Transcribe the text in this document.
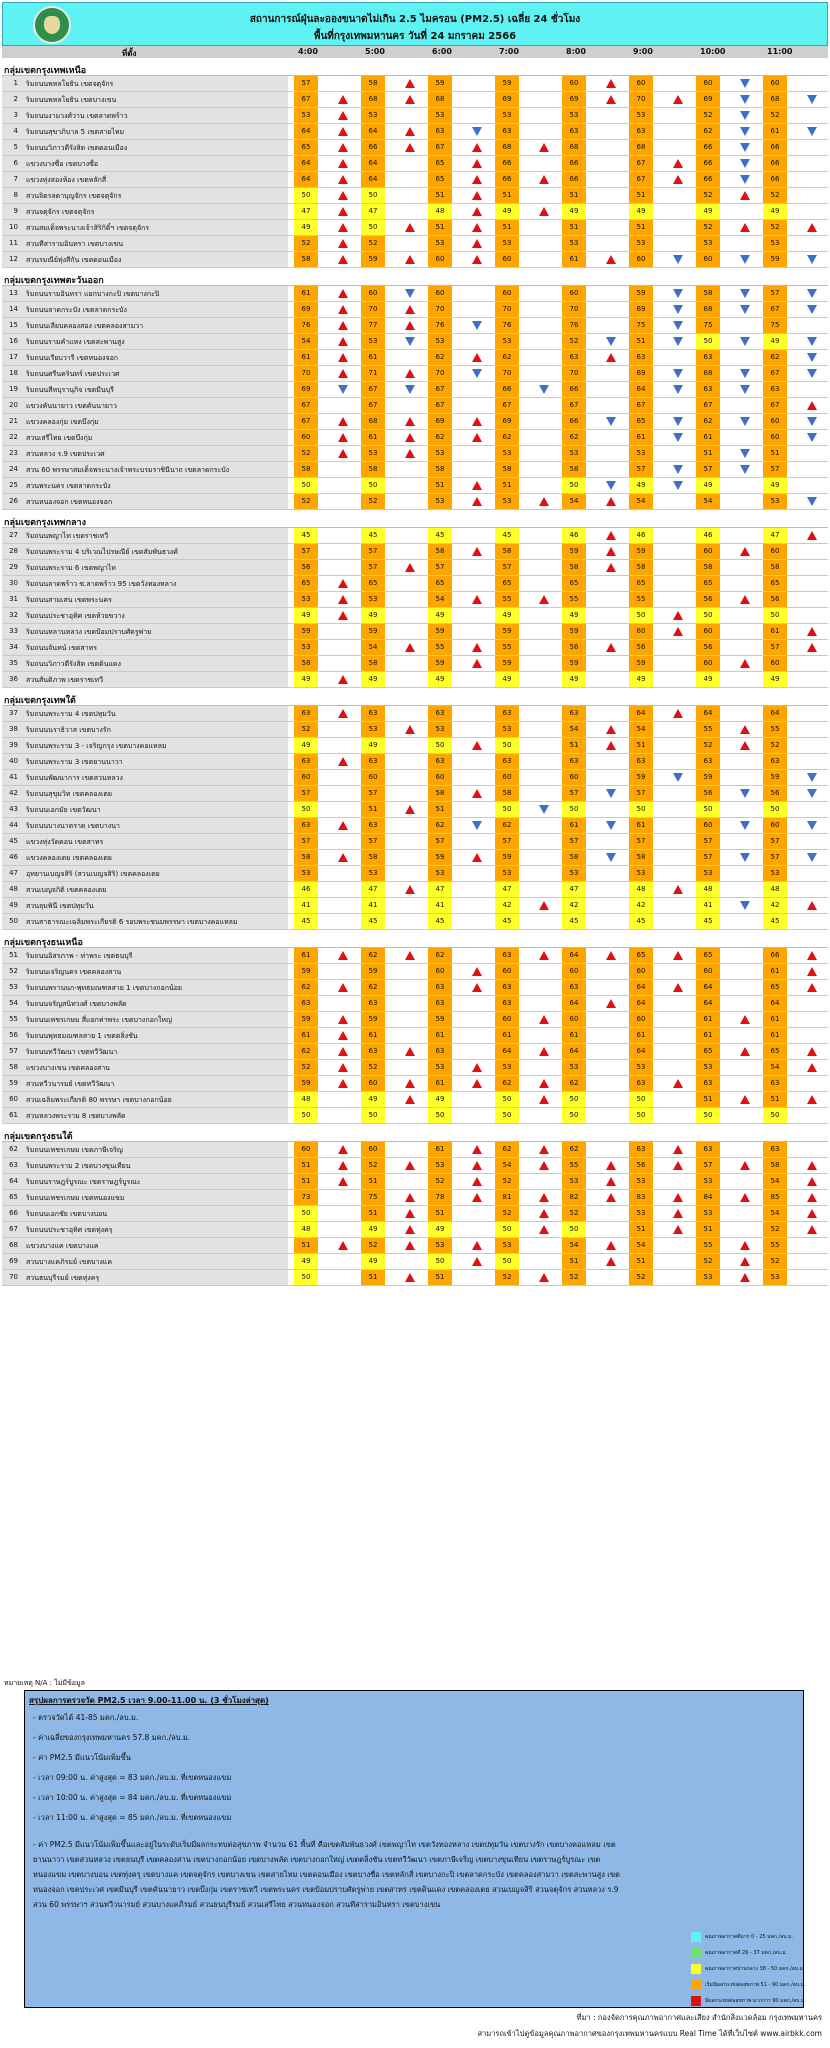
สถานการณ์ฝุ่นละอองขนาดไม่เกิน 2.5 ไมครอน (PM2.5) เฉลี่ย 24 ชั่วโมง
พื้นที่กรุงเทพมหานคร วันที่ 24 มกราคม 2566
ที่ตั้ง	4:00	5:00	6:00	7:00	8:00	9:00	10:00	11:00
กลุ่มเขตกรุงเทพเหนือ
1 ริมถนนพหลโยธิน เขตจตุจักร	57	58	59	59	60	60	60	60
2 ริมถนนพหลโยธิน เขตบางเขน	67	68	68	69	69	70	69	68
3 ริมถนนงามวงศ์วาน เขตลาดพร้าว	53	53	53	53	53	53	52	52
4 ริมถนนสุขาภิบาล 5 เขตสายไหม	64	64	63	63	63	63	62	61
5 ริมถนนวิภาวดีรังสิต เขตดอนเมือง	65	66	67	68	68	68	66	66
6 แขวงบางซื่อ เขตบางซื่อ	64	64	65	66	66	67	66	66
7 แขวงทุ่งสองห้อง เขตหลักสี่	64	64	65	66	66	67	66	66
8 สวนจิตรลดาบุญจักร เขตจตุจักร	50	50	51	51	51	51	52	52
9 สวนจตุจักร เขตจตุจักร	47	47	48	49	49	49	49	49
10 สวนสมเด็จพระนางเจ้าสิริกิติ์ฯ เขตจตุจักร	49	50	51	51	51	51	52	52
11 สวนทีสารามอินทรา เขตบางเขน	52	52	53	53	53	53	53	53
12 สวนรมณีย์ทุ่งสีกัน เขตดอนเมือง	58	59	60	60	61	60	60	59
กลุ่มเขตกรุงเทพตะวันออก
13 ริมถนนรามอินทรา แยกบางกะปิ เขตบางกะปิ	61	60	60	60	60	59	58	57
14 ริมถนนลาดกระบัง เขตลาดกระบัง	69	70	70	70	70	69	68	67
15 ริมถนนเลียบคลองสอง เขตคลองสามวา	76	77	76	76	76	75	75	75
16 ริมถนนรามคำแหง เขตสะพานสูง	54	53	53	53	52	51	50	49
17 ริมถนนเรียบวารี เขตหนองจอก	61	61	62	62	63	63	63	62
18 ริมถนนศรีนครินทร์ เขตประเวศ	70	71	70	70	70	69	68	67
19 ริมถนนสีหบุรานุกิจ เขตมีนบุรี	69	67	67	66	66	64	63	63
20 แขวงคันนายาว เขตคันนายาว	67	67	67	67	67	67	67	67
21 แขวงคลองกุ่ม เขตบึงกุ่ม	67	68	69	69	66	65	62	60
22 สวนเสรีไทย เขตบึงกุ่ม	60	61	62	62	62	61	61	60
23 สวนหลวง ร.9 เขตประเวศ	52	53	53	53	53	53	51	51
24 สวน 60 พรรษาสมเด็จพระนางเจ้าพระบรมราชินีนาถ เขตลาดกระบัง	58	58	58	58	58	57	57	57
25 สวนพระนคร เขตลาดกระบัง	50	50	51	51	50	49	49	49
26 สวนหนองจอก เขตหนองจอก	52	52	53	53	54	54	54	53
กลุ่มเขตกรุงเทพกลาง
27 ริมถนนพญาไท เขตราชเทวี	45	45	45	45	46	46	46	47
28 ริมถนนพระราม 4 บริเวณไปรษณีย์ เขตสัมพันธวงศ์	57	57	58	58	59	59	60	60
29 ริมถนนพระราม 6 เขตพญาไท	56	57	57	57	58	58	58	58
30 ริมถนนลาดพร้าว ซ.ลาดพร้าว 95 เขตวังทองหลาง	65	65	65	65	65	65	65	65
31 ริมถนนสามเสน เขตพระนคร	53	53	54	55	55	55	56	56
32 ริมถนนประชาอุทิศ เขตห้วยขวาง	49	49	49	49	49	50	50	50
33 ริมถนนหลานหลวง เขตป้อมปราบศัตรูพ่าย	59	59	59	59	59	60	60	61
34 ริมถนนจันทน์ เขตสาทร	53	54	55	55	56	56	56	57
35 ริมถนนวิภาวดีรังสิต เขตดินแดง	58	58	59	59	59	59	60	60
36 สวนสันติภาพ เขตราชเทวี	49	49	49	49	49	49	49	49
กลุ่มเขตกรุงเทพใต้
37 ริมถนนพระราม 4 เขตปทุมวัน	63	63	63	63	63	64	64	64
38 ริมถนนนราธิวาส เขตบางรัก	52	53	53	53	54	54	55	55
39 ริมถนนพระราม 3 - เจริญกรุง เขตบางคอแหลม	49	49	50	50	51	51	52	52
40 ริมถนนพระราม 3 เขตยานนาวา	63	63	63	63	63	63	63	63
41 ริมถนนพัฒนาการ เขตสวนหลวง	60	60	60	60	60	59	59	59
42 ริมถนนสุขุมวิท เขตคลองเตย	57	57	58	58	57	57	56	56
43 ริมถนนเอกมัย เขตวัฒนา	50	51	51	50	50	50	50	50
44 ริมถนนบางนาตราด เขตบางนา	63	63	62	62	61	61	60	60
45 แขวงทุ่งวัดดอน เขตสาทร	57	57	57	57	57	57	57	57
46 แขวงคลองเตย เขตคลองเตย	58	58	59	59	58	58	57	57
47 อุทยานเบญจสิริ (สวนเบญจสิริ) เขตคลองเตย	53	53	53	53	53	53	53	53
48 สวนเบญจกิติ เขตคลองเตย	46	47	47	47	47	48	48	48
49 สวนลุมพินี เขตปทุมวัน	41	41	41	42	42	42	41	42
50 สวนสาธารณะเฉลิมพระเกียรติ 6 รอบพระชนมพรรษา เขตบางคอแหลม	45	45	45	45	45	45	45	45
กลุ่มเขตกรุงธนเหนือ
51 ริมถนนอิสรภาพ - ท่าพระ เขตธนบุรี	61	62	62	63	64	65	65	66
52 ริมถนนเจริญนคร เขตคลองสาน	59	59	60	60	60	60	60	61
53 ริมถนนพรานนก-พุทธมณฑลสาย 1 เขตบางกอกน้อย	62	62	63	63	63	64	64	65
54 ริมถนนจรัญสนิทวงศ์ เขตบางพลัด	63	63	63	63	64	64	64	64
55 ริมถนนเพชรเกษม สี่แยกท่าพระ เขตบางกอกใหญ่	59	59	59	60	60	60	61	61
56 ริมถนนพุทธมณฑลสาย 1 เขตตลิ่งชัน	61	61	61	61	61	61	61	61
57 ริมถนนทวีวัฒนา เขตทวีวัฒนา	62	63	63	64	64	64	65	65
58 แขวงบางเขน เขตคลองสาน	52	52	53	53	53	53	53	54
59 สวนทวีวนารมย์ เขตทวีวัฒนา	59	60	61	62	62	63	63	63
60 สวนเฉลิมพระเกียรติ 80 พรรษา เขตบางกอกน้อย	48	49	49	50	50	50	51	51
61 สวนหลวงพระราม 8 เขตบางพลัด	50	50	50	50	50	50	50	50
กลุ่มเขตกรุงธนใต้
62 ริมถนนเพชรเกษม เขตภาษีเจริญ	60	60	61	62	62	63	63	63
63 ริมถนนพระราม 2 เขตบางขุนเทียน	51	52	53	54	55	56	57	58
64 ริมถนนราษฎร์บูรณะ เขตราษฎร์บูรณะ	51	51	52	52	53	53	53	54
65 ริมถนนเพชรเกษม เขตหนองแขม	73	75	78	81	82	83	84	85
66 ริมถนนเอกชัย เขตบางบอน	50	51	51	52	52	53	53	54
67 ริมถนนประชาอุทิศ เขตทุ่งครุ	48	49	49	50	50	51	51	52
68 แขวงบางแค เขตบางแค	51	52	53	53	54	54	55	55
69 สวนบางแคภิรมย์ เขตบางแค	49	49	50	50	51	51	52	52
70 สวนธนบุรีรมย์ เขตทุ่งครุ	50	51	51	52	52	52	53	53
หมายเหตุ N/A : ไม่มีข้อมูล
สรุปผลการตรวจวัด PM2.5 เวลา 9.00-11.00 น. (3 ชั่วโมงล่าสุด)
- ตรวจวัดได้ 41-85 มคก./ลบ.ม.
- ค่าเฉลี่ยของกรุงเทพมหานคร 57.8 มคก./ลบ.ม.
- ค่า PM2.5 มีแนวโน้มเพิ่มขึ้น
- เวลา 09:00 น. ค่าสูงสุด = 83 มคก./ลบ.ม. ที่เขตหนองแขม
- เวลา 10:00 น. ค่าสูงสุด = 84 มคก./ลบ.ม. ที่เขตหนองแขม
- เวลา 11:00 น. ค่าสูงสุด = 85 มคก./ลบ.ม. ที่เขตหนองแขม
- ค่า PM2.5 มีแนวโน้มเพิ่มขึ้นและอยู่ในระดับเริ่มมีผลกระทบต่อสุขภาพ จำนวน 61 พื้นที่ คือเขตสัมพันธวงศ์ เขตพญาไท เขตวังทองหลาง เขตปทุมวัน เขตบางรัก เขตบางคอแหลม เขตยานนาวา เขตสวนหลวง เขตธนบุรี เขตคลองสาน เขตบางกอกน้อย เขตบางพลัด เขตบางกอกใหญ่ เขตตลิ่งชัน เขตทวีวัฒนา เขตภาษีเจริญ เขตบางขุนเทียน เขตราษฎร์บูรณะ เขตหนองแขม เขตบางบอน เขตทุ่งครุ เขตบางแค เขตจตุจักร เขตบางเขน เขตสายไหม เขตดอนเมือง เขตบางซื่อ เขตหลักสี่ เขตบางกะปิ เขตลาดกระบัง เขตคลองสามวา เขตสะพานสูง เขตหนองจอก เขตประเวศ เขตมีนบุรี เขตคันนายาว เขตบึงกุ่ม เขตราชเทวี เขตพระนคร เขตป้อมปราบศัตรูพ่าย เขตสาทร เขตดินแดง เขตคลองเตย สวนเบญจสิริ สวนจตุจักร สวนหลวง ร.9 สวน 60 พรรษาฯ สวนทวีวนารมย์ สวนบางแคภิรมย์ สวนธนบุรีรมย์ สวนเสรีไทย สวนหนองจอก สวนทีสารามอินทรา เขตบางเขน
คุณภาพอากาศดีมาก 0 - 25 มคก./ลบ.ม.
คุณภาพอากาศดี 26 - 37 มคก./ลบ.ม.
คุณภาพอากาศปานกลาง 38 - 50 มคก./ลบ.ม.
เริ่มมีผลกระทบต่อสุขภาพ 51 - 90 มคก./ลบ.ม.
มีผลกระทบต่อสุขภาพ มากกว่า 90 มคก./ลบ.ม.
ที่มา : กองจัดการคุณภาพอากาศและเสียง สำนักสิ่งแวดล้อม กรุงเทพมหานคร
สามารถเข้าไปดูข้อมูลคุณภาพอากาศของกรุงเทพมหานครแบบ Real Time ได้ที่เว็บไซต์ www.airbkk.com
